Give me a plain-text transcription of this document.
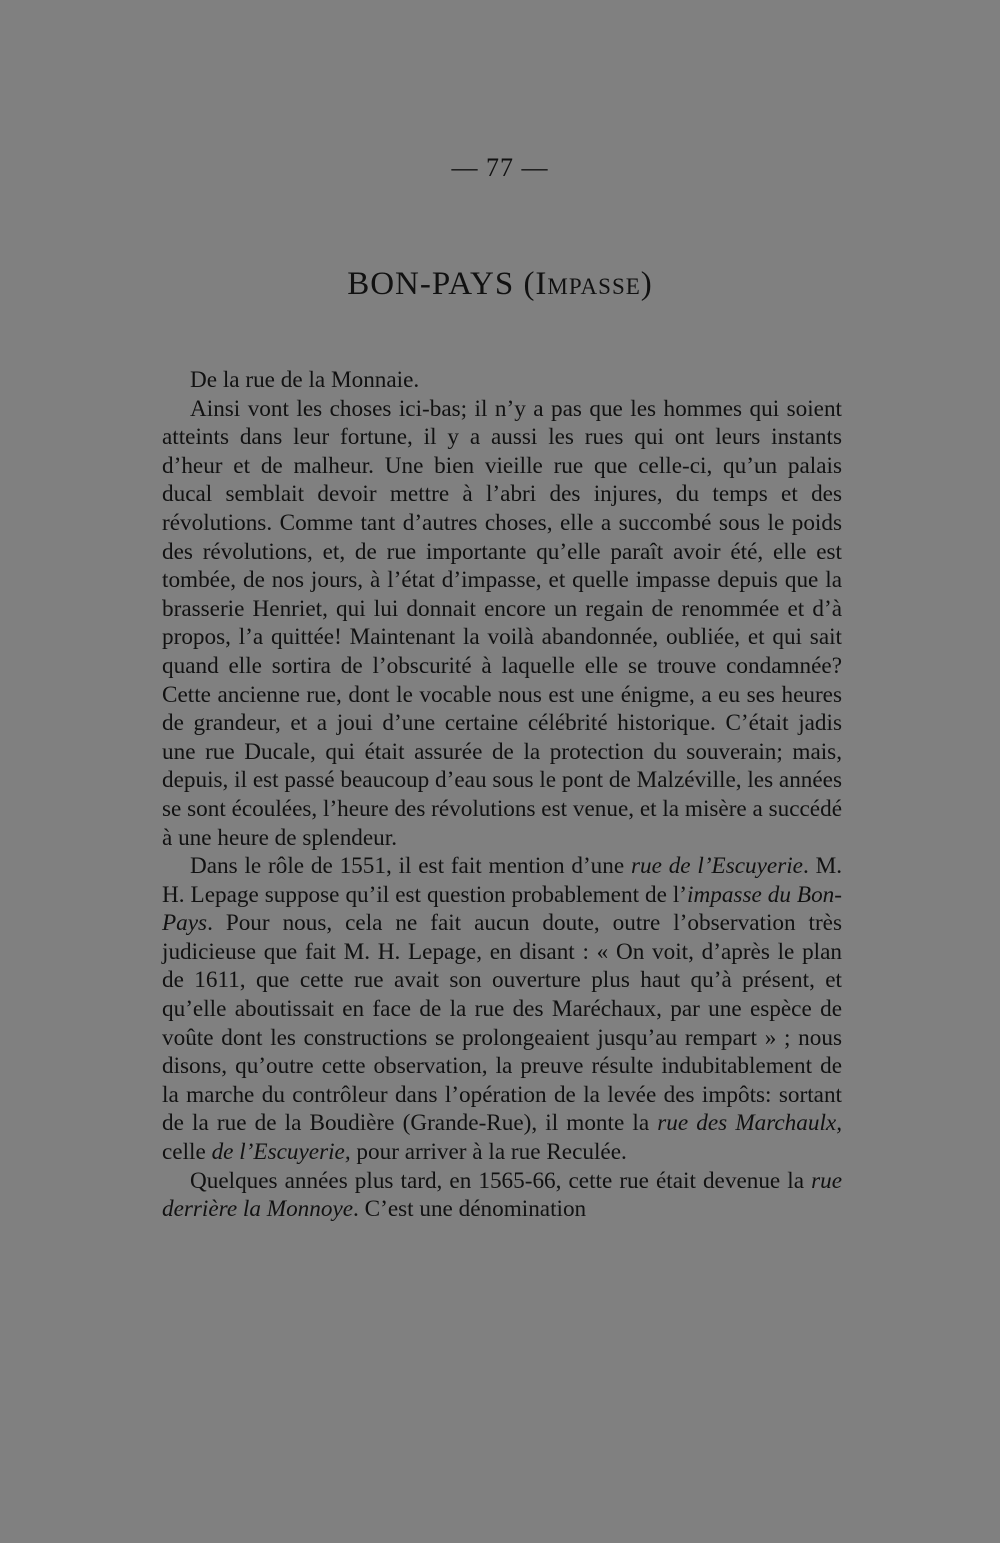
— 77 —
BON-PAYS (Impasse)

De la rue de la Monnaie.

Ainsi vont les choses ici-bas; il n’y a pas que les hommes qui soient atteints dans leur fortune, il y a aussi les rues qui ont leurs instants d’heur et de malheur. Une bien vieille rue que celle-ci, qu’un palais ducal semblait devoir mettre à l’abri des injures, du temps et des révolutions. Comme tant d’autres choses, elle a succombé sous le poids des révolutions, et, de rue importante qu’elle paraît avoir été, elle est tombée, de nos jours, à l’état d’impasse, et quelle impasse depuis que la brasserie Henriet, qui lui donnait encore un regain de renommée et d’à propos, l’a quittée! Maintenant la voilà abandonnée, oubliée, et qui sait quand elle sortira de l’obscurité à laquelle elle se trouve condamnée? Cette ancienne rue, dont le vocable nous est une énigme, a eu ses heures de grandeur, et a joui d’une certaine célébrité historique. C’était jadis une rue Ducale, qui était assurée de la protection du souverain; mais, depuis, il est passé beaucoup d’eau sous le pont de Malzéville, les années se sont écoulées, l’heure des révolutions est venue, et la misère a succédé à une heure de splendeur.

Dans le rôle de 1551, il est fait mention d’une rue de l’Escuyerie. M. H. Lepage suppose qu’il est question probablement de l’impasse du Bon-Pays. Pour nous, cela ne fait aucun doute, outre l’observation très judicieuse que fait M. H. Lepage, en disant : « On voit, d’après le plan de 1611, que cette rue avait son ouverture plus haut qu’à présent, et qu’elle aboutissait en face de la rue des Maréchaux, par une espèce de voûte dont les constructions se prolongeaient jusqu’au rempart » ; nous disons, qu’outre cette observation, la preuve résulte indubitablement de la marche du contrôleur dans l’opération de la levée des impôts: sortant de la rue de la Boudière (Grande-Rue), il monte la rue des Marchaulx, celle de l’Escuyerie, pour arriver à la rue Reculée.

Quelques années plus tard, en 1565-66, cette rue était devenue la rue derrière la Monnoye. C’est une dénomination
